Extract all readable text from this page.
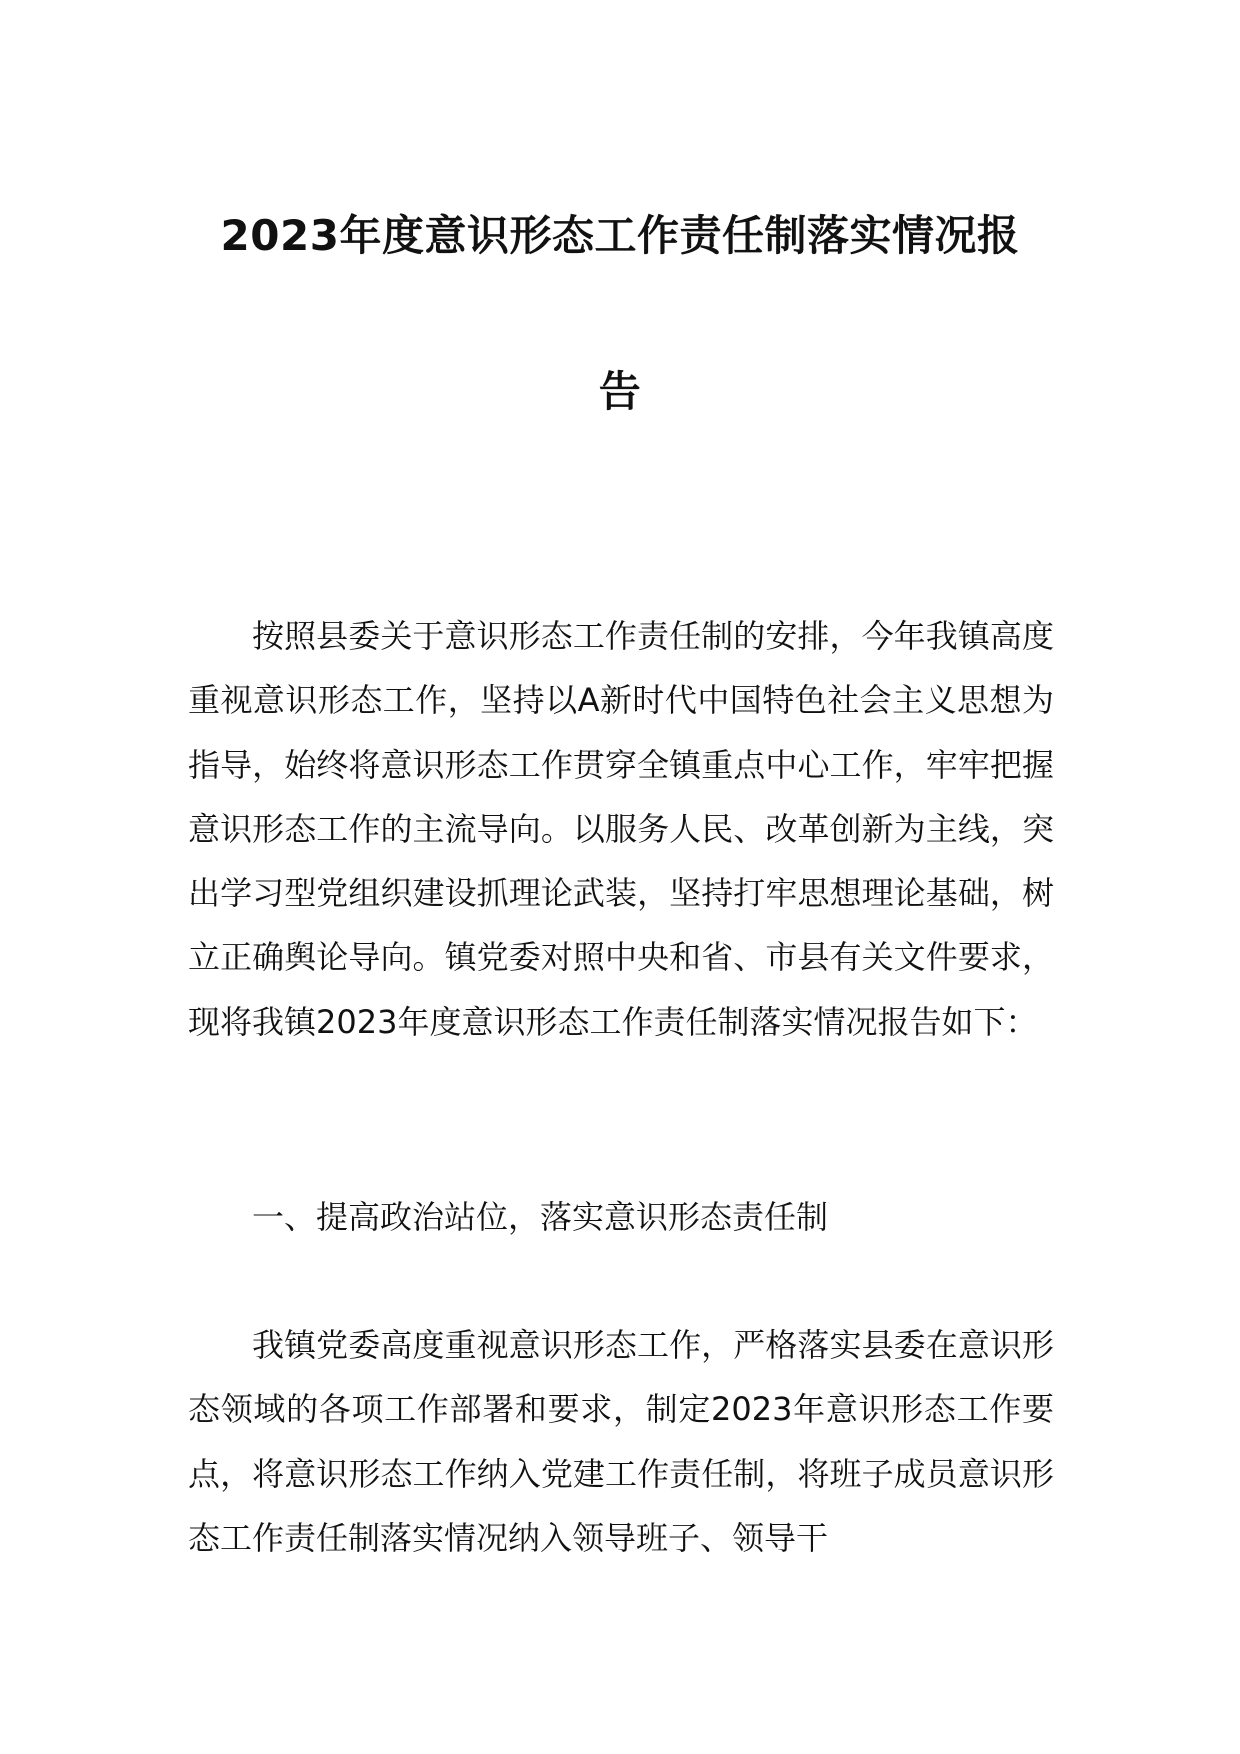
2023年度意识形态工作责任制落实情况报
告

按照县委关于意识形态工作责任制的安排，今年我镇高度重视意识形态工作，坚持以A新时代中国特色社会主义思想为指导，始终将意识形态工作贯穿全镇重点中心工作，牢牢把握意识形态工作的主流导向。以服务人民、改革创新为主线，突出学习型党组织建设抓理论武装，坚持打牢思想理论基础，树立正确舆论导向。镇党委对照中央和省、市县有关文件要求，现将我镇2023年度意识形态工作责任制落实情况报告如下：

一、提高政治站位，落实意识形态责任制

我镇党委高度重视意识形态工作，严格落实县委在意识形态领域的各项工作部署和要求，制定2023年意识形态工作要点，将意识形态工作纳入党建工作责任制，将班子成员意识形态工作责任制落实情况纳入领导班子、领导干
